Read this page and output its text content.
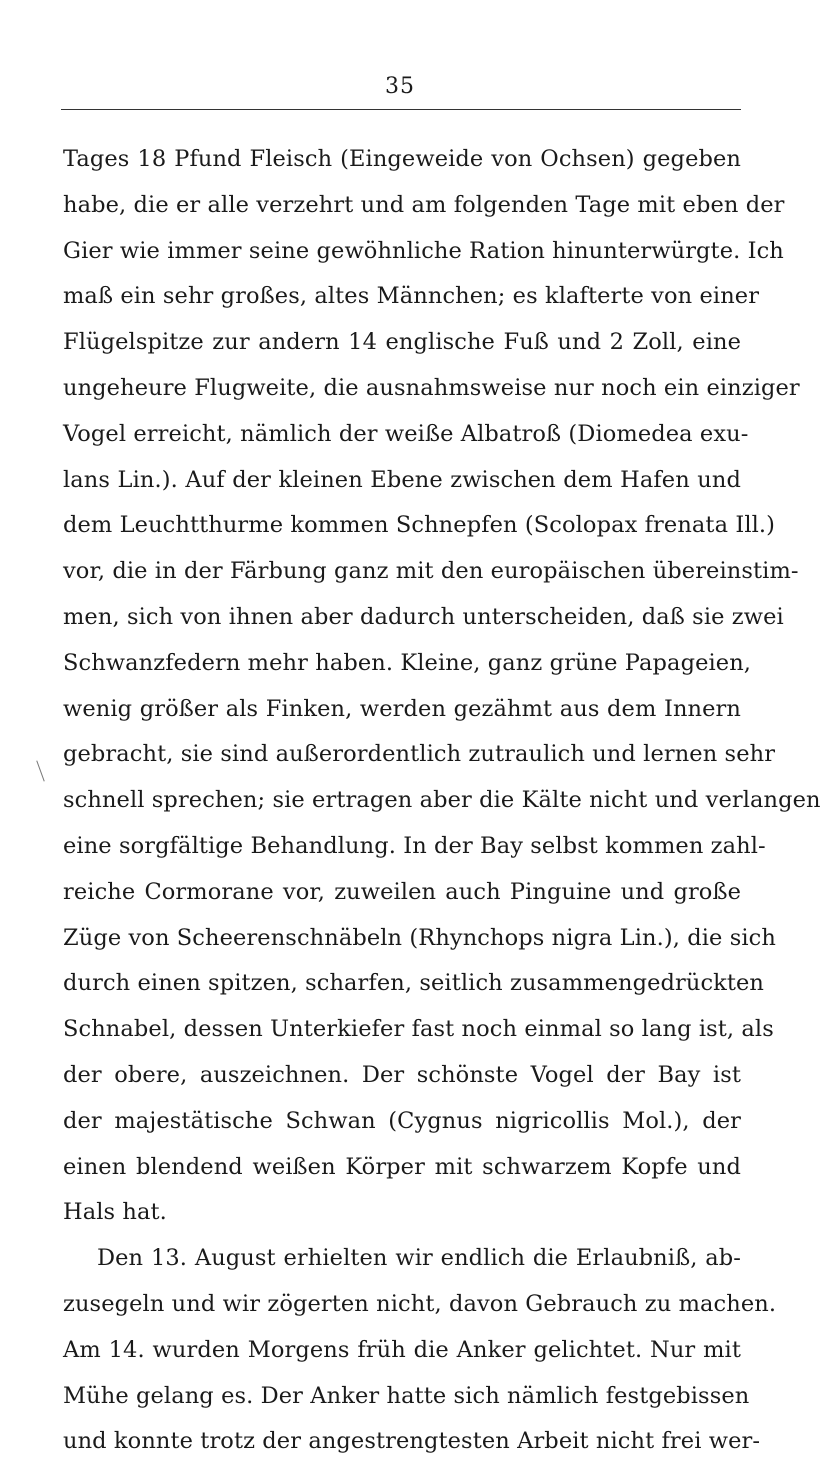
35
Tages 18 Pfund Fleisch (Eingeweide von Ochsen) gegeben
habe, die er alle verzehrt und am folgenden Tage mit eben der
Gier wie immer seine gewöhnliche Ration hinunterwürgte. Ich
maß ein sehr großes, altes Männchen; es klafterte von einer
Flügelspitze zur andern 14 englische Fuß und 2 Zoll, eine
ungeheure Flugweite, die ausnahmsweise nur noch ein einziger
Vogel erreicht, nämlich der weiße Albatroß (Diomedea exu-
lans Lin.). Auf der kleinen Ebene zwischen dem Hafen und
dem Leuchtthurme kommen Schnepfen (Scolopax frenata Ill.)
vor, die in der Färbung ganz mit den europäischen übereinstim-
men, sich von ihnen aber dadurch unterscheiden, daß sie zwei
Schwanzfedern mehr haben. Kleine, ganz grüne Papageien,
wenig größer als Finken, werden gezähmt aus dem Innern
gebracht, sie sind außerordentlich zutraulich und lernen sehr
schnell sprechen; sie ertragen aber die Kälte nicht und verlangen
eine sorgfältige Behandlung. In der Bay selbst kommen zahl-
reiche Cormorane vor, zuweilen auch Pinguine und große
Züge von Scheerenschnäbeln (Rhynchops nigra Lin.), die sich
durch einen spitzen, scharfen, seitlich zusammengedrückten
Schnabel, dessen Unterkiefer fast noch einmal so lang ist, als
der obere, auszeichnen. Der schönste Vogel der Bay ist
der majestätische Schwan (Cygnus nigricollis Mol.), der
einen blendend weißen Körper mit schwarzem Kopfe und
Hals hat.
Den 13. August erhielten wir endlich die Erlaubniß, ab-
zusegeln und wir zögerten nicht, davon Gebrauch zu machen.
Am 14. wurden Morgens früh die Anker gelichtet. Nur mit
Mühe gelang es. Der Anker hatte sich nämlich festgebissen
und konnte trotz der angestrengtesten Arbeit nicht frei wer-
